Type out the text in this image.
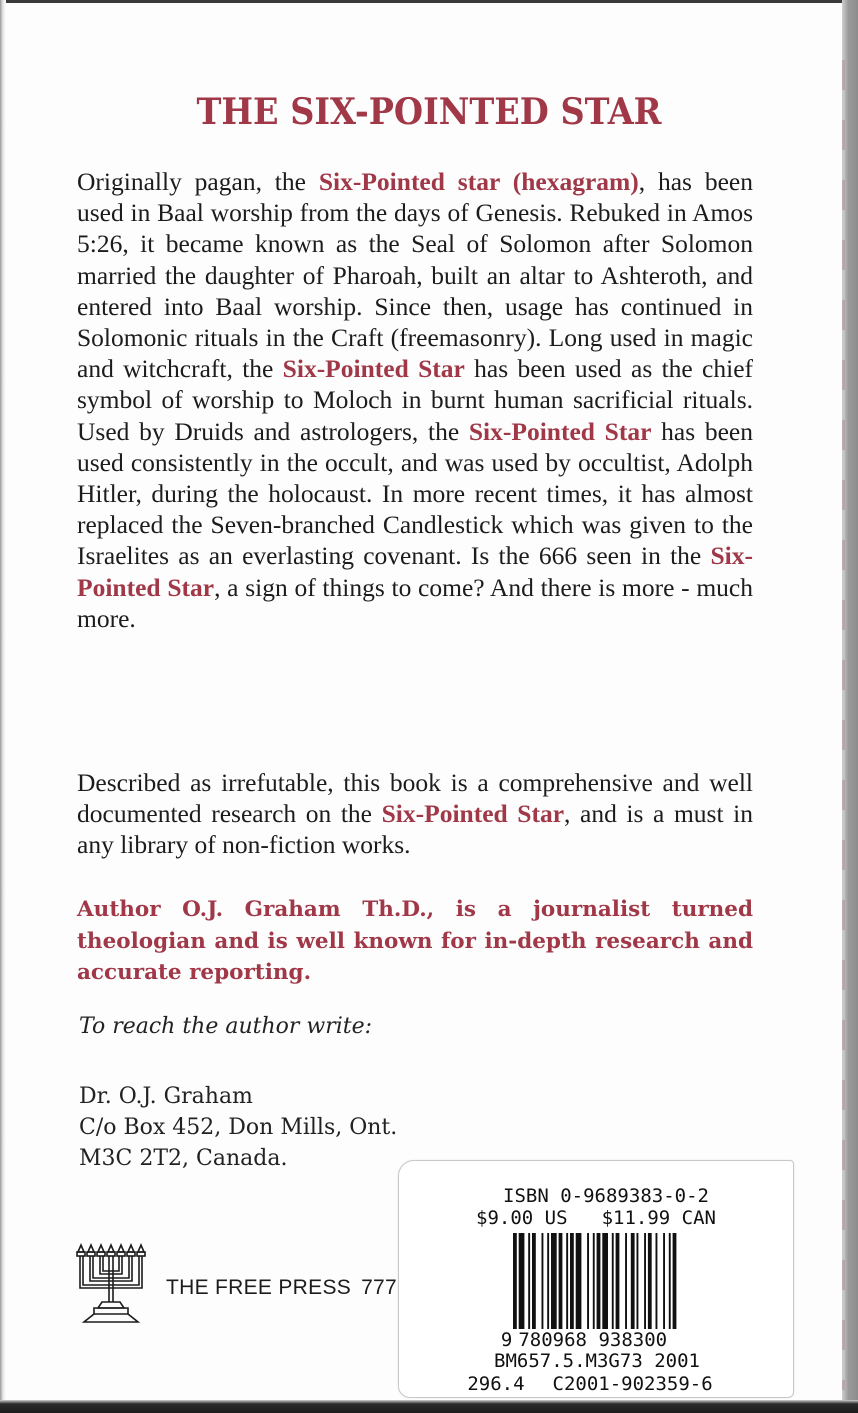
THE SIX-POINTED STAR

Originally pagan, the Six-Pointed star (hexagram), has been used in Baal worship from the days of Genesis. Rebuked in Amos 5:26, it became known as the Seal of Solomon after Solomon married the daughter of Pharoah, built an altar to Ashteroth, and entered into Baal worship. Since then, usage has continued in Solomonic rituals in the Craft (freemasonry). Long used in magic and witchcraft, the Six-Pointed Star has been used as the chief symbol of worship to Moloch in burnt human sacrificial rituals. Used by Druids and astrologers, the Six-Pointed Star has been used consistently in the occult, and was used by occultist, Adolph Hitler, during the holocaust. In more recent times, it has almost replaced the Seven-branched Candlestick which was given to the Israelites as an everlasting covenant. Is the 666 seen in the Six-Pointed Star, a sign of things to come? And there is more - much more.

Described as irrefutable, this book is a comprehensive and well documented research on the Six-Pointed Star, and is a must in any library of non-fiction works.

Author O.J. Graham Th.D., is a journalist turned theologian and is well known for in-depth research and accurate reporting.

To reach the author write:
Dr. O.J. Graham
C/o Box 452, Don Mills, Ont.
M3C 2T2, Canada.
THE FREE PRESS 777
ISBN 0-9689383-0-2
$9.00 US $11.99 CAN
9 780968 938300
BM657.5.M3G73 2001
296.4 C2001-902359-6
